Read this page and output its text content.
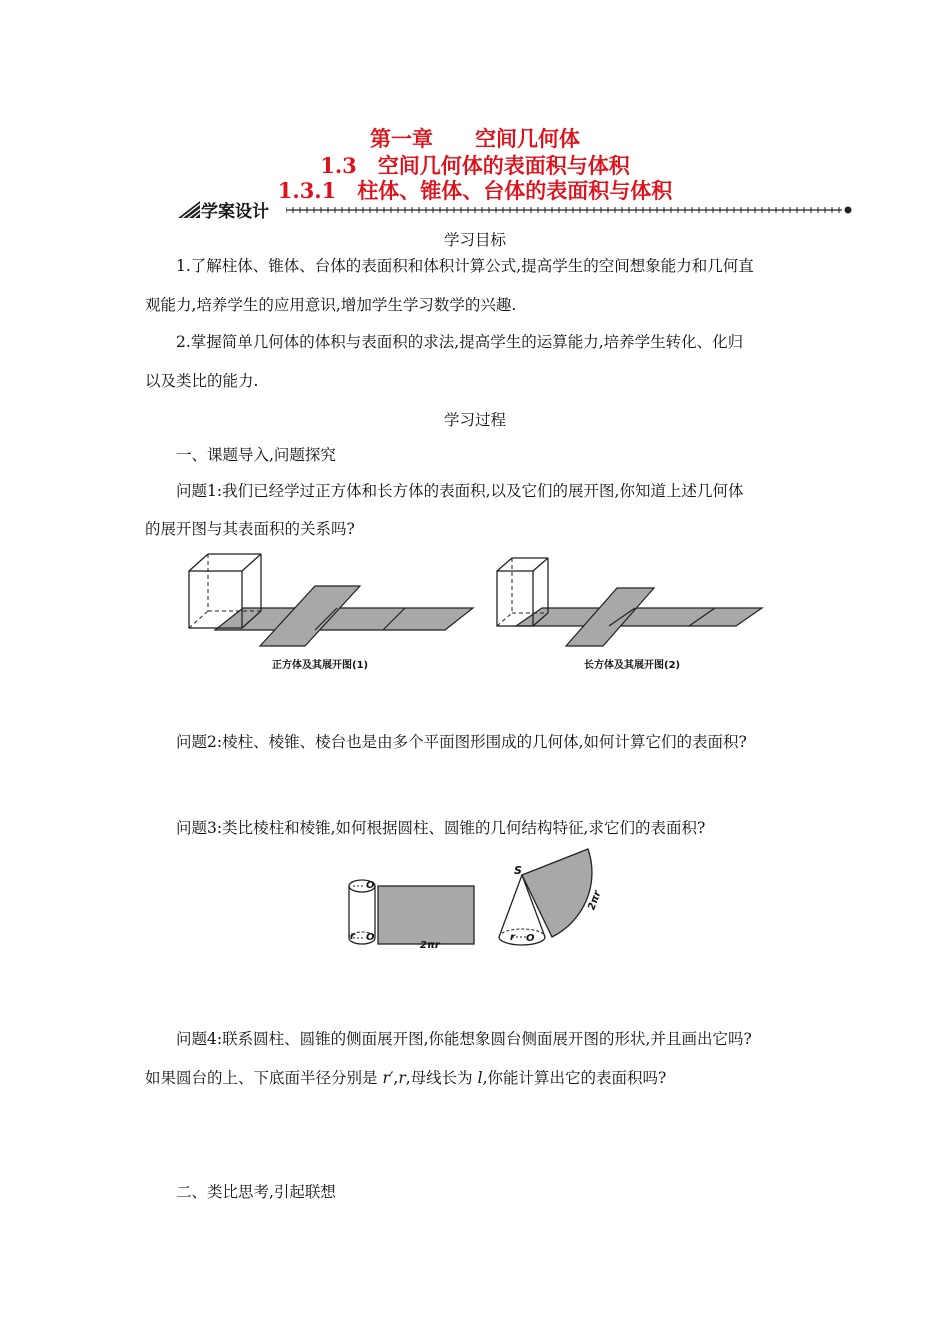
第一章　　空间几何体
1.3　空间几何体的表面积与体积
1.3.1　柱体、锥体、台体的表面积与体积
学案设计
学习目标
1.了解柱体、锥体、台体的表面积和体积计算公式,提高学生的空间想象能力和几何直
观能力,培养学生的应用意识,增加学生学习数学的兴趣.
2.掌握简单几何体的体积与表面积的求法,提高学生的运算能力,培养学生转化、化归
以及类比的能力.
学习过程
一、课题导入,问题探究
问题1:我们已经学过正方体和长方体的表面积,以及它们的展开图,你知道上述几何体
的展开图与其表面积的关系吗?
正方体及其展开图(1)	长方体及其展开图(2)
问题2:棱柱、棱锥、棱台也是由多个平面图形围成的几何体,如何计算它们的表面积?
问题3:类比棱柱和棱锥,如何根据圆柱、圆锥的几何结构特征,求它们的表面积?
O
r O
2πr
S
r O
2πr
问题4:联系圆柱、圆锥的侧面展开图,你能想象圆台侧面展开图的形状,并且画出它吗?
如果圆台的上、下底面半径分别是 r′,r,母线长为 l,你能计算出它的表面积吗?
二、类比思考,引起联想
